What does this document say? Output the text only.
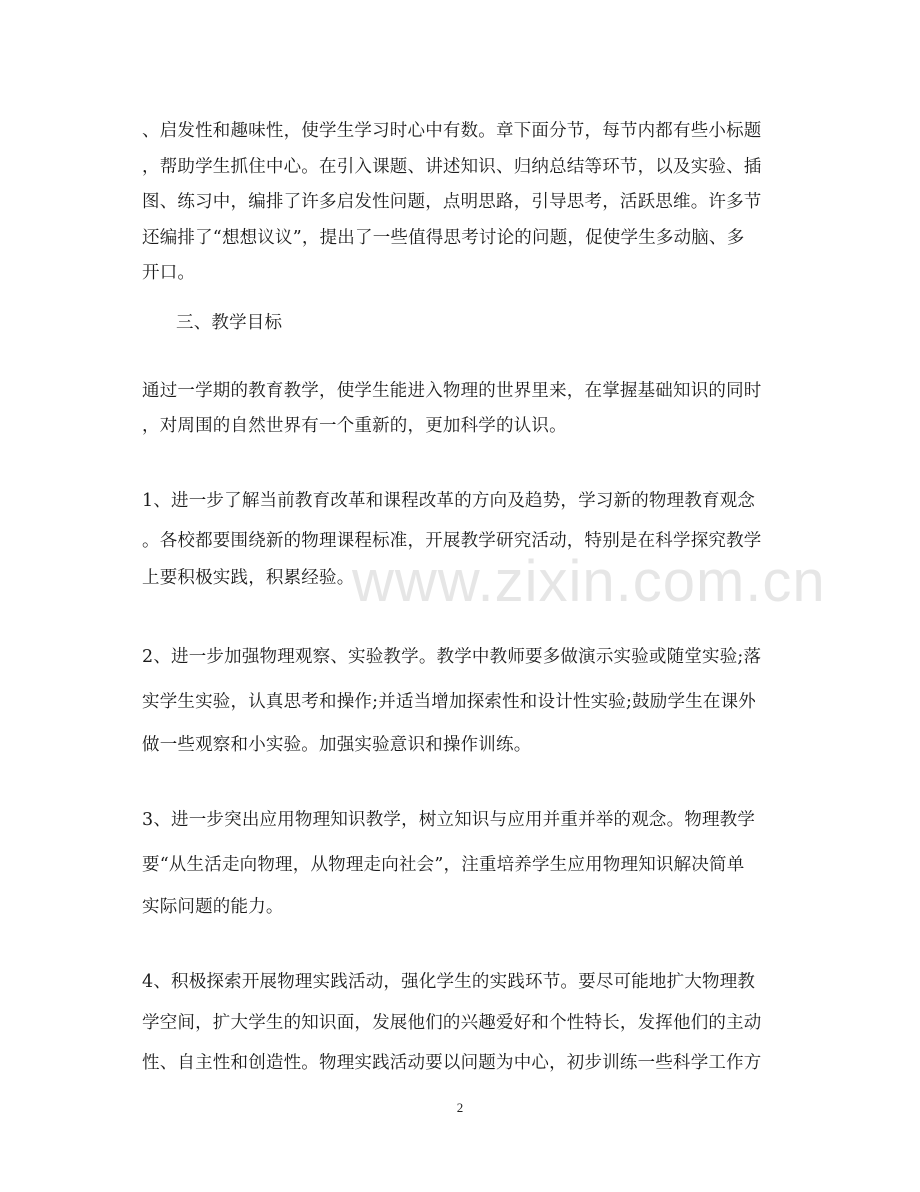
www.zixin.com.cn
、启发性和趣味性，使学生学习时心中有数。章下面分节，每节内都有些小标题
，帮助学生抓住中心。在引入课题、讲述知识、归纳总结等环节，以及实验、插
图、练习中，编排了许多启发性问题，点明思路，引导思考，活跃思维。许多节
还编排了“想想议议”，提出了一些值得思考讨论的问题，促使学生多动脑、多
开口。
三、教学目标
通过一学期的教育教学，使学生能进入物理的世界里来，在掌握基础知识的同时
，对周围的自然世界有一个重新的，更加科学的认识。
1、进一步了解当前教育改革和课程改革的方向及趋势，学习新的物理教育观念
。各校都要围绕新的物理课程标准，开展教学研究活动，特别是在科学探究教学
上要积极实践，积累经验。
2、进一步加强物理观察、实验教学。教学中教师要多做演示实验或随堂实验;落
实学生实验，认真思考和操作;并适当增加探索性和设计性实验;鼓励学生在课外
做一些观察和小实验。加强实验意识和操作训练。
3、进一步突出应用物理知识教学，树立知识与应用并重并举的观念。物理教学
要“从生活走向物理，从物理走向社会”，注重培养学生应用物理知识解决简单
实际问题的能力。
4、积极探索开展物理实践活动，强化学生的实践环节。要尽可能地扩大物理教
学空间，扩大学生的知识面，发展他们的兴趣爱好和个性特长，发挥他们的主动
性、自主性和创造性。物理实践活动要以问题为中心，初步训练一些科学工作方
2
